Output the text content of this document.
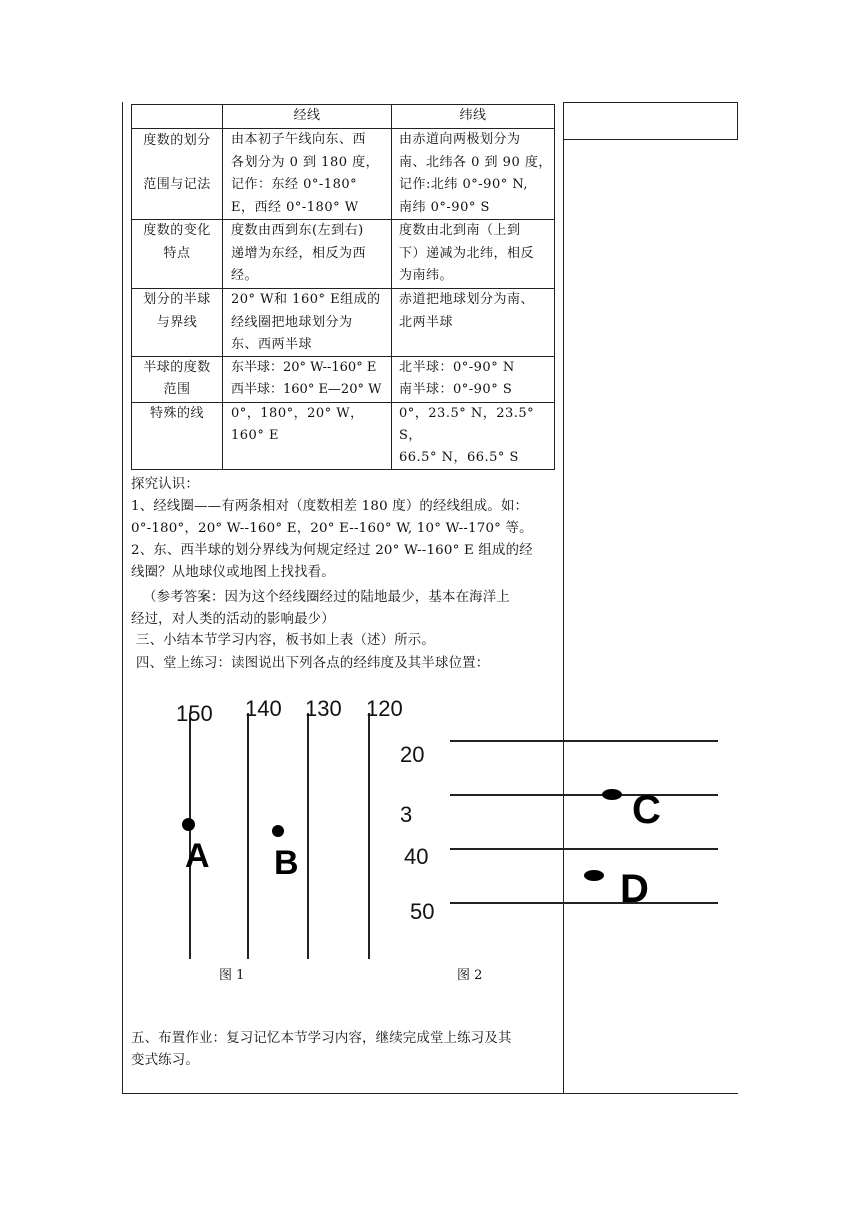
经线	纬线

度数的划分

范围与记法

由本初子午线向东、西

各划分为 0 到 180 度，

记作：东经 0°-180°

E，西经 0°-180° W

由赤道向两极划分为

南、北纬各 0 到 90 度，

记作:北纬 0°-90° N,

南纬 0°-90° S

度数的变化

特点

度数由西到东(左到右)

递增为东经，相反为西

经。

度数由北到南（上到

下）递减为北纬，相反

为南纬。

划分的半球

与界线

20° W和 160° E组成的

经线圈把地球划分为

东、西两半球

赤道把地球划分为南、

北两半球

半球的度数

范围

东半球：20° W--160° E

西半球：160° E—20° W

北半球：0°-90° N

南半球：0°-90° S

特殊的线	0°，180°，20° W，

160° E

0°，23.5° N，23.5°

S，

66.5° N，66.5° S

探究认识：
1、经线圈——有两条相对（度数相差 180 度）的经线组成。如：
0°-180°，20° W--160° E，20° E--160° W, 10° W--170° 等。
2、东、西半球的划分界线为何规定经过 20° W--160° E 组成的经
线圈？从地球仪或地图上找找看。
（参考答案：因为这个经线圈经过的陆地最少，基本在海洋上
经过，对人类的活动的影响最少）
三、小结本节学习内容，板书如上表（述）所示。
四、堂上练习：读图说出下列各点的经纬度及其半球位置：
150 140 130 120
A B
图 1
20
3
40
50
C
D
图 2
五、布置作业：复习记忆本节学习内容，继续完成堂上练习及其
变式练习。
